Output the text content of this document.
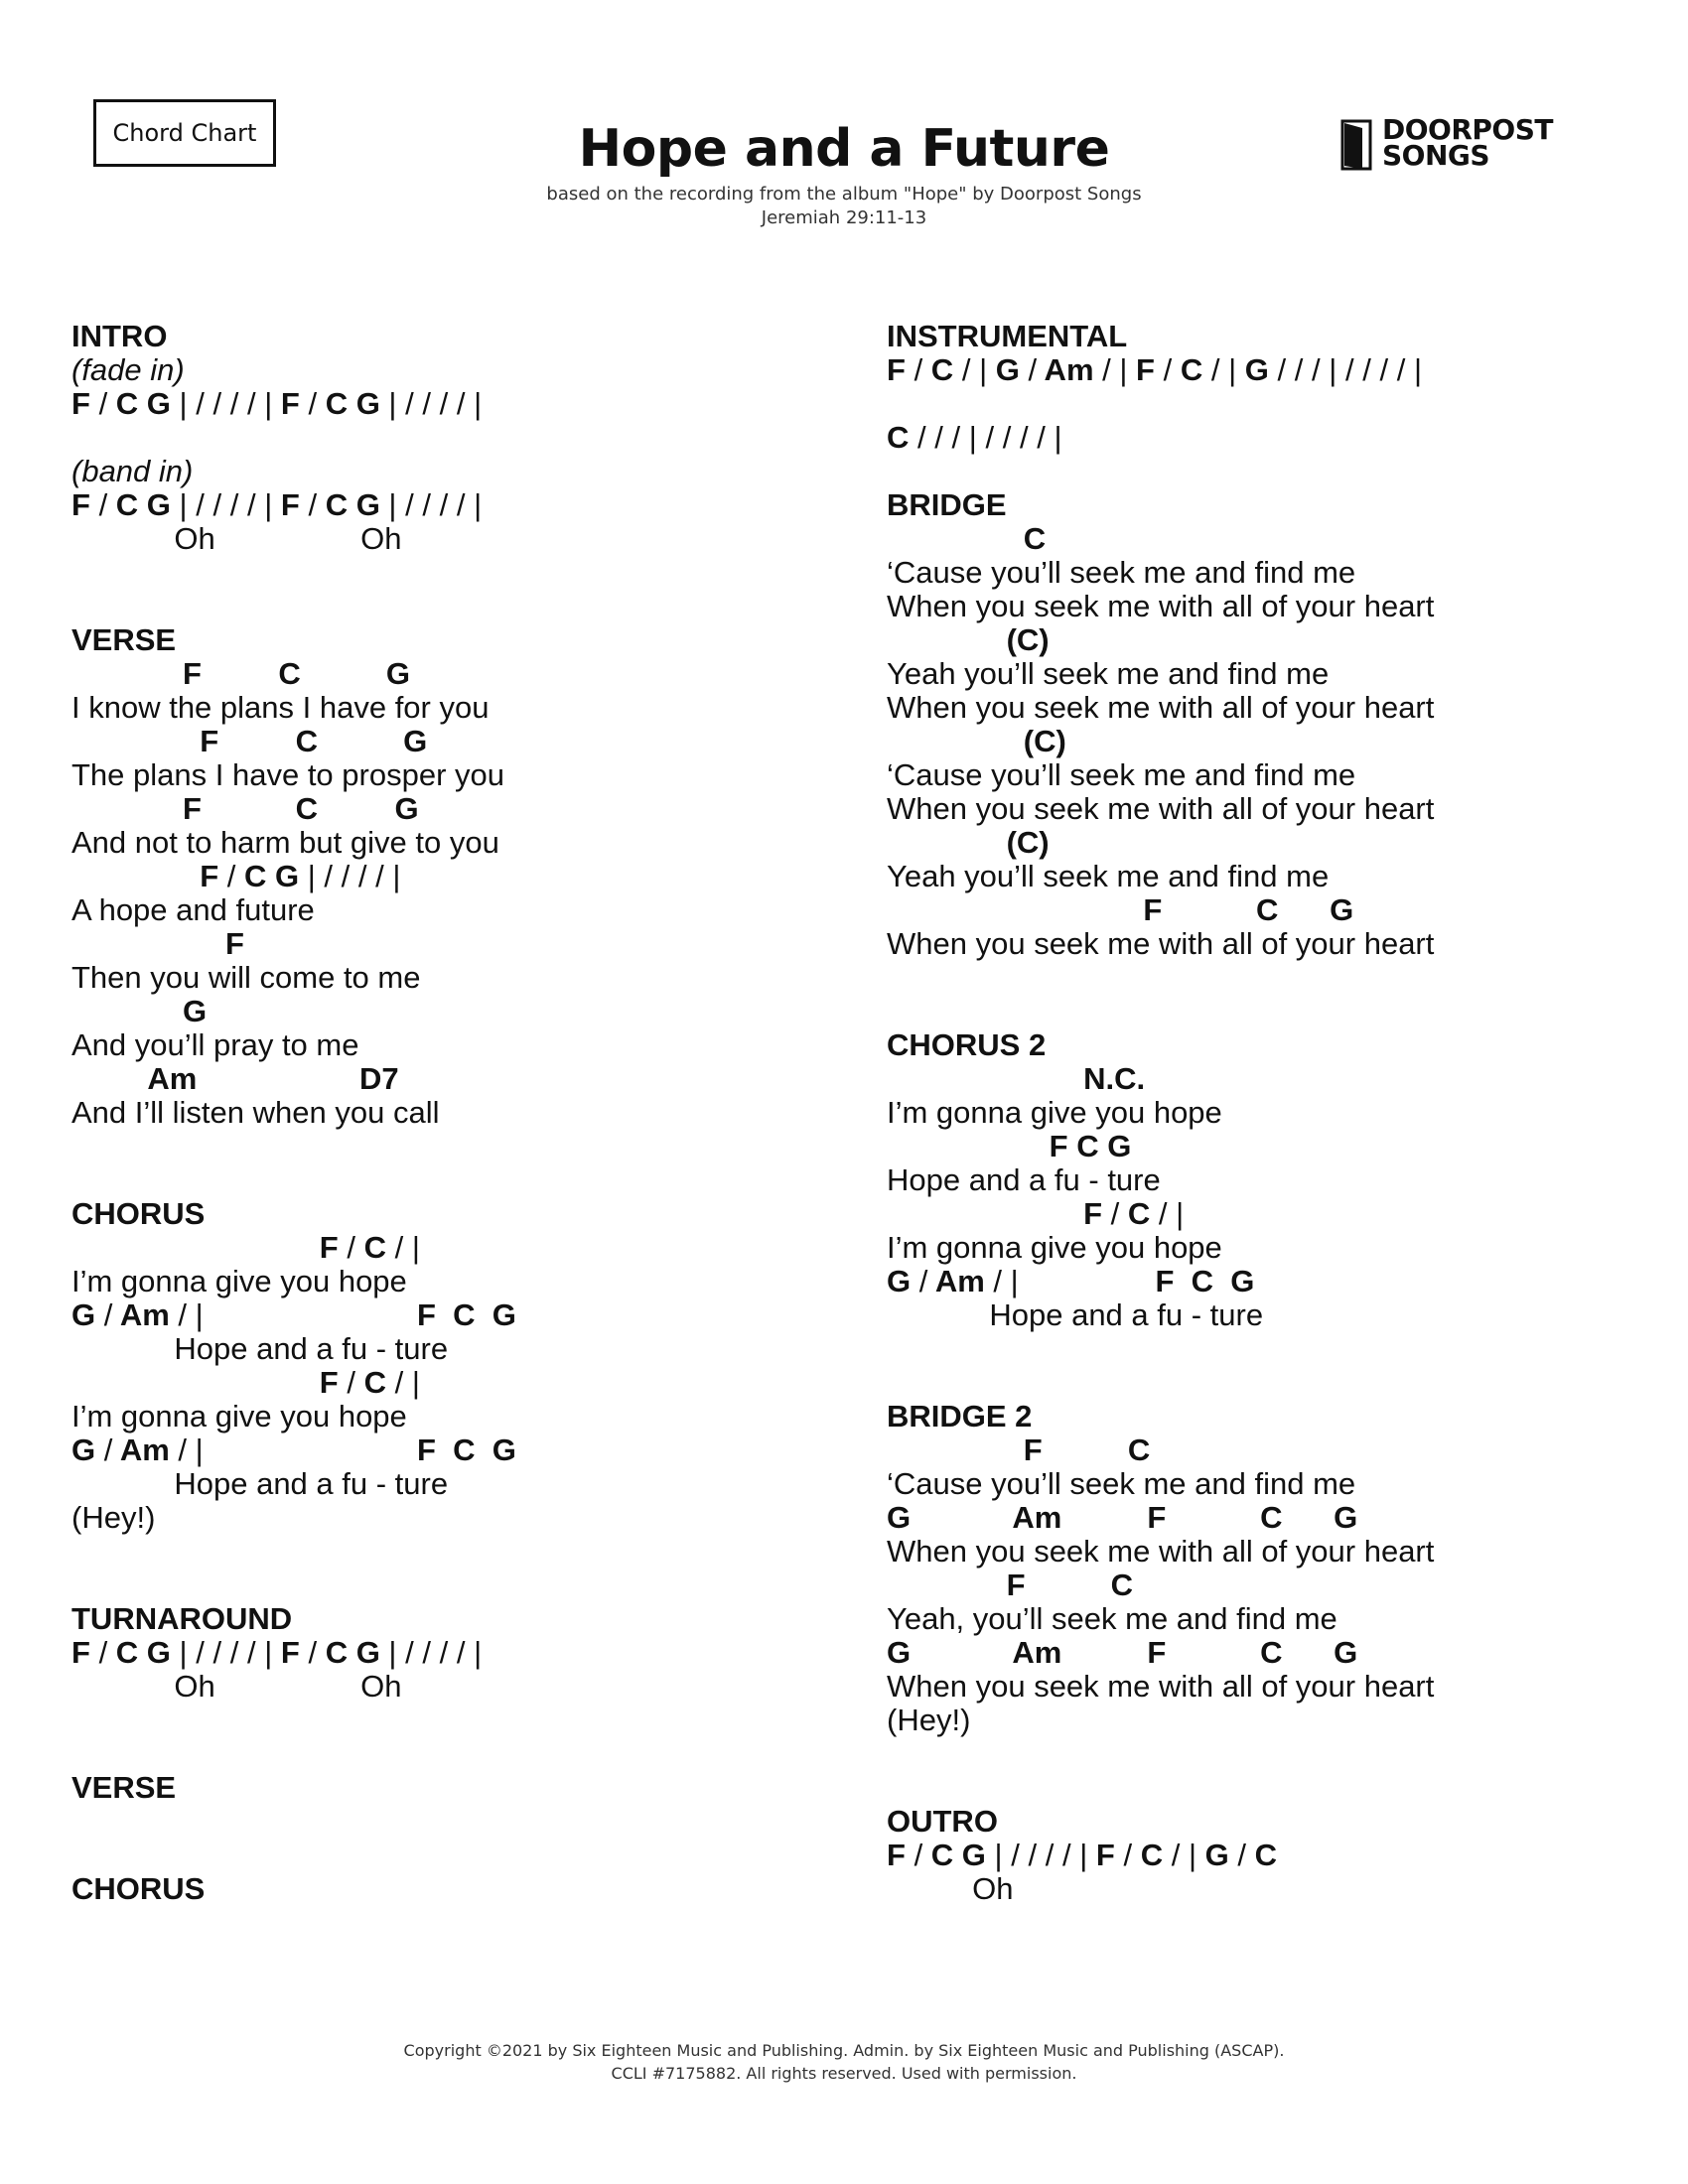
Chord Chart	Hope and a Future
based on the recording from the album "Hope" by Doorpost Songs
Jeremiah 29:11-13
DOORPOST
SONGS
INTRO
(fade in)
F / C G | / / / / | F / C G | / / / / |
(band in)
F / C G | / / / / | F / C G | / / / / |
Oh                 Oh
VERSE
F         C          G
I know the plans I have for you
F         C          G
The plans I have to prosper you
F           C         G
And not to harm but give to you
F / C G | / / / / |
A hope and future
F
Then you will come to me
G
And you’ll pray to me
Am                   D7
And I’ll listen when you call
CHORUS
F / C / |
I’m gonna give you hope
G / Am / |                         F  C  G
Hope and a fu - ture
F / C / |
I’m gonna give you hope
G / Am / |                         F  C  G
Hope and a fu - ture
(Hey!)
TURNAROUND
F / C G | / / / / | F / C G | / / / / |
Oh                 Oh
VERSE
CHORUS
INSTRUMENTAL
F / C / | G / Am / | F / C / | G / / / | / / / / |
C / / / | / / / / |
BRIDGE
C
‘Cause you’ll seek me and find me
When you seek me with all of your heart
(C)
Yeah you’ll seek me and find me
When you seek me with all of your heart
(C)
‘Cause you’ll seek me and find me
When you seek me with all of your heart
(C)
Yeah you’ll seek me and find me
F           C      G
When you seek me with all of your heart
CHORUS 2
N.C.
I’m gonna give you hope
F C G
Hope and a fu - ture
F / C / |
I’m gonna give you hope
G / Am / |                F  C  G
Hope and a fu - ture
BRIDGE 2
F          C
‘Cause you’ll seek me and find me
G            Am          F           C      G
When you seek me with all of your heart
F          C
Yeah, you’ll seek me and find me
G            Am          F           C      G
When you seek me with all of your heart
(Hey!)
OUTRO
F / C G | / / / / | F / C / | G / C
Oh
Copyright ©2021 by Six Eighteen Music and Publishing. Admin. by Six Eighteen Music and Publishing (ASCAP).
CCLI #7175882. All rights reserved. Used with permission.
